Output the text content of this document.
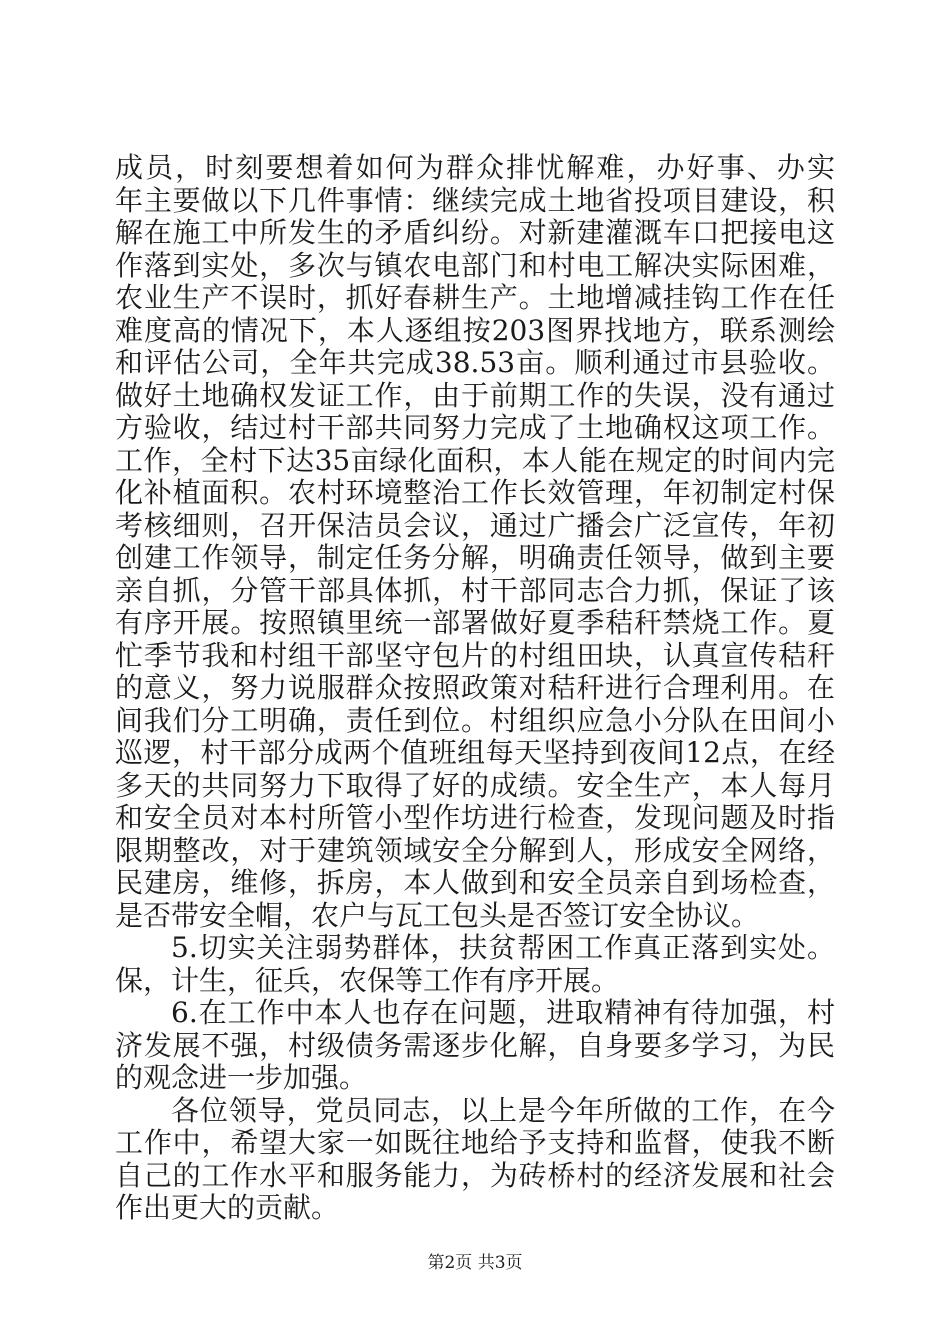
成员，时刻要想着如何为群众排忧解难，办好事、办实
年主要做以下几件事情：继续完成土地省投项目建设，积
解在施工中所发生的矛盾纠纷。对新建灌溉车口把接电这
作落到实处，多次与镇农电部门和村电工解决实际困难，
农业生产不误时，抓好春耕生产。土地增减挂钩工作在任
难度高的情况下，本人逐组按203图界找地方，联系测绘
和评估公司，全年共完成38.53亩。顺利通过市县验收。
做好土地确权发证工作，由于前期工作的失误，没有通过
方验收，结过村干部共同努力完成了土地确权这项工作。
工作，全村下达35亩绿化面积，本人能在规定的时间内完
化补植面积。农村环境整治工作长效管理，年初制定村保
考核细则，召开保洁员会议，通过广播会广泛宣传，年初
创建工作领导，制定任务分解，明确责任领导，做到主要
亲自抓，分管干部具体抓，村干部同志合力抓，保证了该
有序开展。按照镇里统一部署做好夏季秸秆禁烧工作。夏
忙季节我和村组干部坚守包片的村组田块，认真宣传秸秆
的意义，努力说服群众按照政策对秸秆进行合理利用。在
间我们分工明确，责任到位。村组织应急小分队在田间小
巡逻，村干部分成两个值班组每天坚持到夜间12点，在经
多天的共同努力下取得了好的成绩。安全生产，本人每月
和安全员对本村所管小型作坊进行检查，发现问题及时指
限期整改，对于建筑领域安全分解到人，形成安全网络，
民建房，维修，拆房，本人做到和安全员亲自到场检查，
是否带安全帽，农户与瓦工包头是否签订安全协议。
5.切实关注弱势群体，扶贫帮困工作真正落到实处。
保，计生，征兵，农保等工作有序开展。
6.在工作中本人也存在问题，进取精神有待加强，村
济发展不强，村级债务需逐步化解，自身要多学习，为民
的观念进一步加强。
各位领导，党员同志，以上是今年所做的工作，在今
工作中，希望大家一如既往地给予支持和监督，使我不断
自己的工作水平和服务能力，为砖桥村的经济发展和社会
作出更大的贡献。
第2页 共3页
